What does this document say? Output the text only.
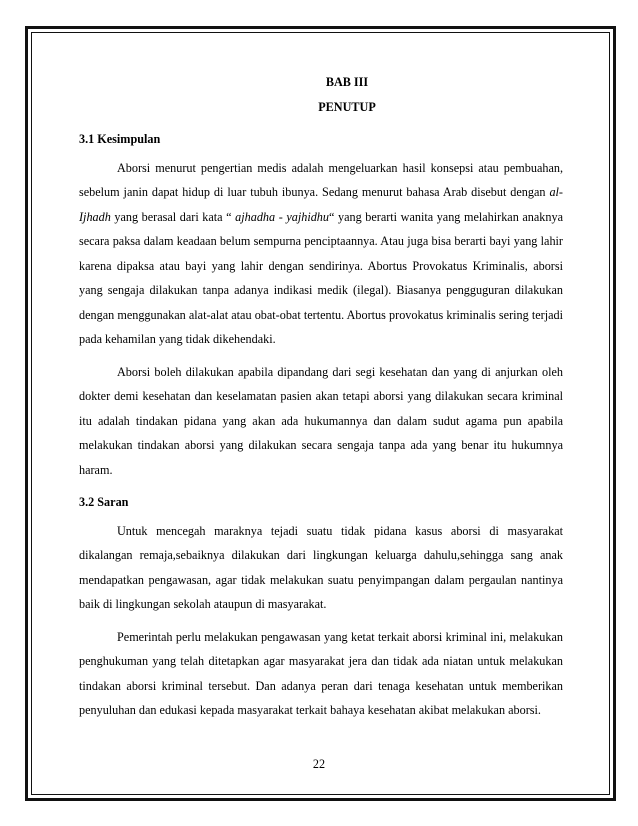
BAB III
PENUTUP
3.1 Kesimpulan

Aborsi menurut pengertian medis adalah mengeluarkan hasil konsepsi atau pembuahan, sebelum janin dapat hidup di luar tubuh ibunya. Sedang menurut bahasa Arab disebut dengan al-Ijhadh yang berasal dari kata “ ajhadha - yajhidhu“ yang berarti wanita yang melahirkan anaknya secara paksa dalam keadaan belum sempurna penciptaannya. Atau juga bisa berarti bayi yang lahir karena dipaksa atau bayi yang lahir dengan sendirinya. Abortus Provokatus Kriminalis, aborsi yang sengaja dilakukan tanpa adanya indikasi medik (ilegal). Biasanya pengguguran dilakukan dengan menggunakan alat-alat atau obat-obat tertentu. Abortus provokatus kriminalis sering terjadi pada kehamilan yang tidak dikehendaki.

Aborsi boleh dilakukan apabila dipandang dari segi kesehatan dan yang di anjurkan oleh dokter demi kesehatan dan keselamatan pasien akan tetapi aborsi yang dilakukan secara kriminal itu adalah tindakan pidana yang akan ada hukumannya dan dalam sudut agama pun apabila melakukan tindakan aborsi yang dilakukan secara sengaja tanpa ada yang benar itu hukumnya haram.

3.2 Saran

Untuk mencegah maraknya tejadi suatu tidak pidana kasus aborsi di masyarakat dikalangan remaja,sebaiknya dilakukan dari lingkungan keluarga dahulu,sehingga sang anak mendapatkan pengawasan, agar tidak melakukan suatu penyimpangan dalam pergaulan nantinya baik di lingkungan sekolah ataupun di masyarakat.

Pemerintah perlu melakukan pengawasan yang ketat terkait aborsi kriminal ini, melakukan penghukuman yang telah ditetapkan agar masyarakat jera dan tidak ada niatan untuk melakukan tindakan aborsi kriminal tersebut. Dan adanya peran dari tenaga kesehatan untuk memberikan penyuluhan dan edukasi kepada masyarakat terkait bahaya kesehatan akibat melakukan aborsi.

22
